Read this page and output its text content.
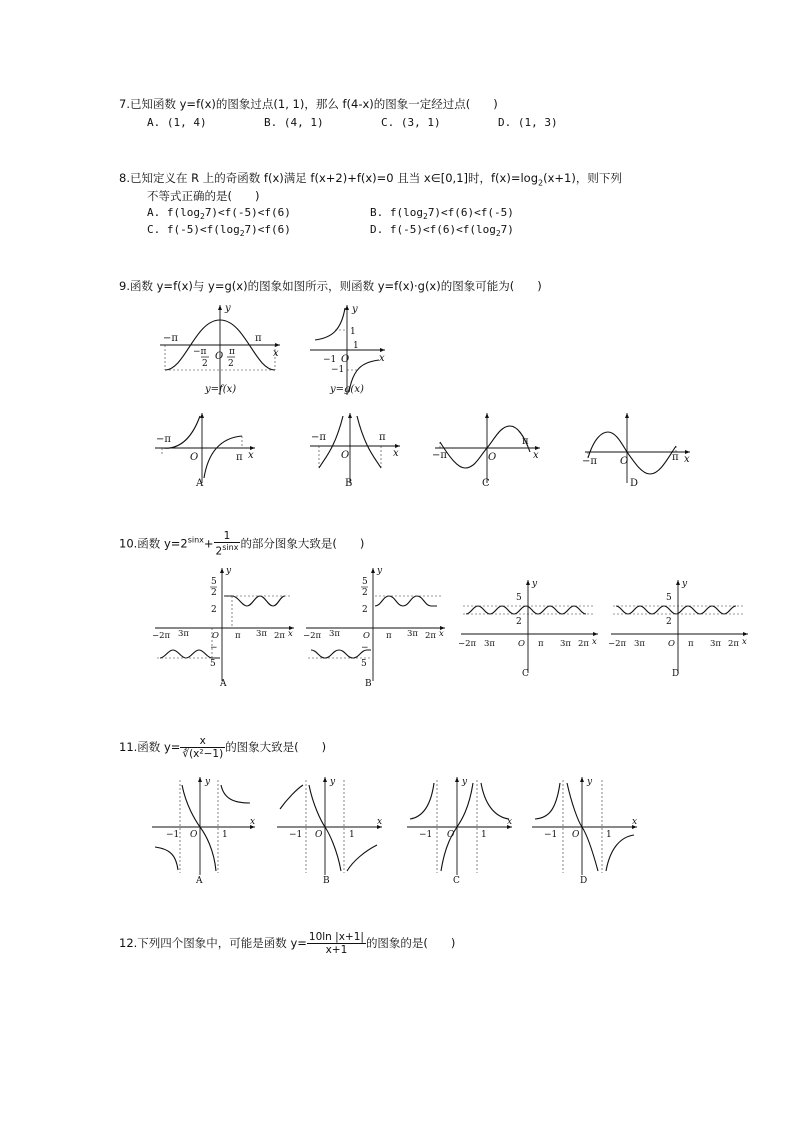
7.已知函数 y=f(x)的图象过点(1, 1)，那么 f(4-x)的图象一定经过点(　　)
A. (1, 4)	B. (4, 1)	C. (3, 1)	D. (1, 3)
8.已知定义在 R 上的奇函数 f(x)满足 f(x+2)+f(x)=0 且当 x∈[0,1]时，$f(x)=\log_2(x+1)$，则下列
不等式正确的是(　　)
A. $f(\log_27)<f(-5)<f(6)$	B. $f(\log_27)<f(6)<f(-5)$
C. $f(-5)<f(\log_27)<f(6)$	D. $f(-5)<f(6)<f(\log_27)$
9.函数 y=f(x)与 y=g(x)的图象如图所示，则函数 y=f(x)·g(x)的图象可能为(　　)
−π	π
y
x
−π
2
O π
2
y=f(x)
y
x
1
1
−1
−1
O
y=g(x)
−π
π x
O
A
−π	π
x
O
B
−π
π
x
O
C
−π	π x
O
D
10.函数 $y=2^{sinx}+ \frac{1}{2^{sinx}}$ 的部分图象大致是(　　)
y
5
2
2
−2π 3π	O π 3π 2π x
−
5
A
y
5
2
2
−2π 3π	O π 3π 2π x
−
5
B
y
5
2
−2π 3π	O π 3π 2π x
C
y
5
2
−2π 3π	O π 3π 2π x
D
11.函数 $y= \frac{x}{\text{∛(x²−1)}}$ 的图象大致是(　　)
y
x
−1 O	1
A
y
x
−1 O	1
B
y
x
−1 O	1
C
y
x
−1 O	1
D
12.下列四个图象中，可能是函数 $y= \frac{10\ln |x+1|}{x+1}$ 的图象的是(　　)
